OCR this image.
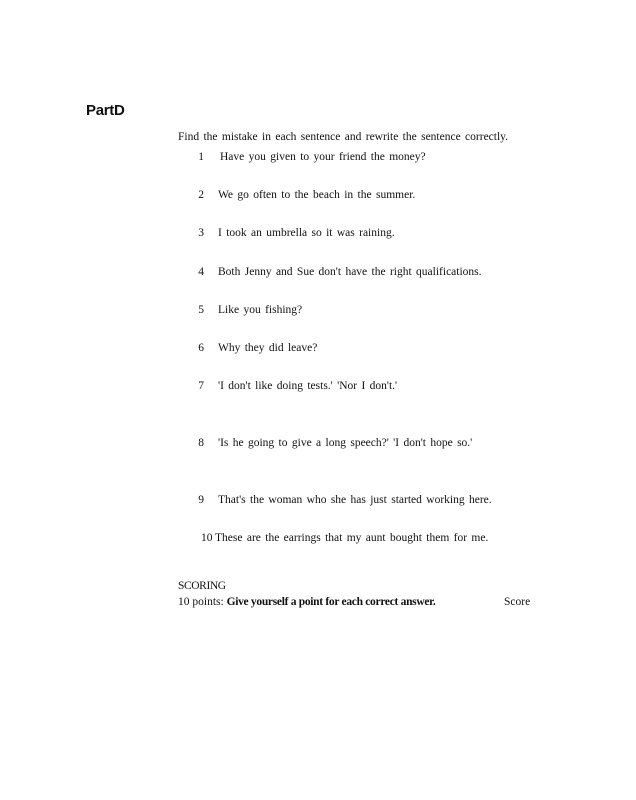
PartD
Find the mistake in each sentence and rewrite the sentence correctly.
1 Have you given to your friend the money?
2 We go often to the beach in the summer.
3 I took an umbrella so it was raining.
4 Both Jenny and Sue don't have the right qualifications.
5 Like you fishing?
6 Why they did leave?
7 'I don't like doing tests.' 'Nor I don't.'
8 'Is he going to give a long speech?' 'I don't hope so.'
9 That's the woman who she has just started working here.
10 These are the earrings that my aunt bought them for me.
SCORING
10 points: Give yourself a point for each correct answer.	Score
